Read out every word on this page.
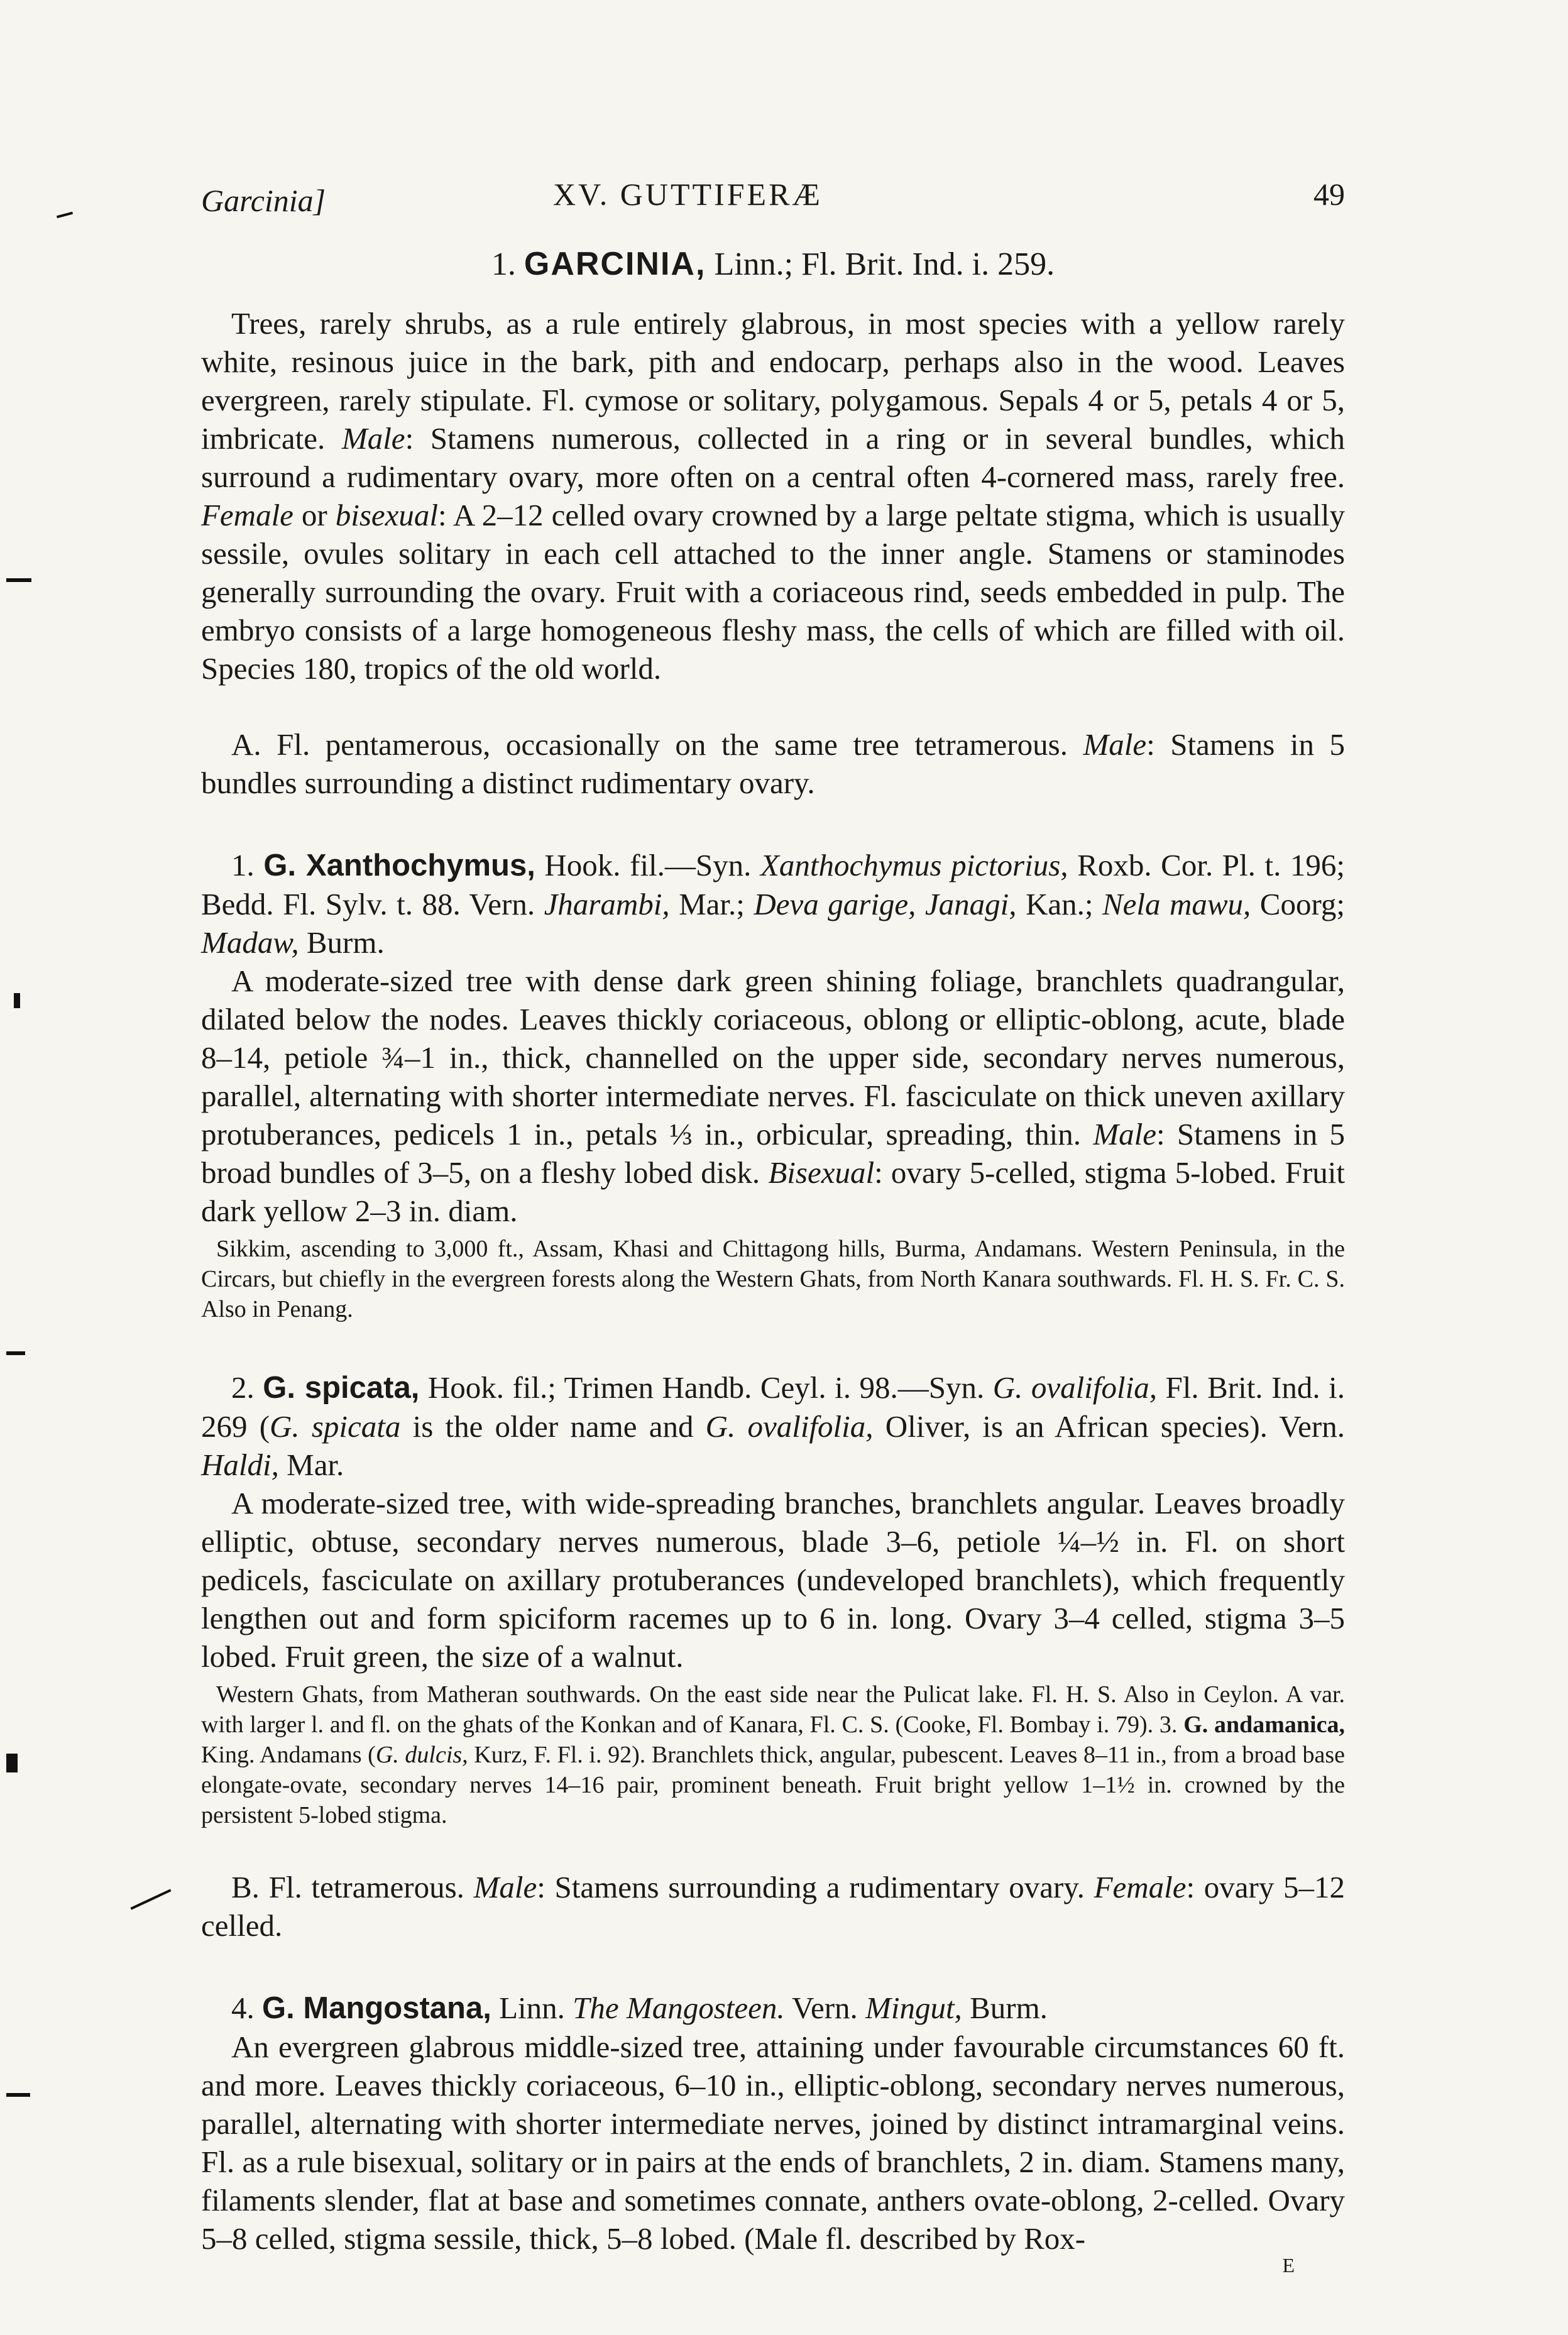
Garcinia]	XV. GUTTIFERÆ	49
1. GARCINIA, Linn.; Fl. Brit. Ind. i. 259.

Trees, rarely shrubs, as a rule entirely glabrous, in most species with a yellow rarely white, resinous juice in the bark, pith and endocarp, perhaps also in the wood. Leaves evergreen, rarely stipulate. Fl. cymose or solitary, polygamous. Sepals 4 or 5, petals 4 or 5, imbricate. Male: Stamens numerous, collected in a ring or in several bundles, which surround a rudimentary ovary, more often on a central often 4-cornered mass, rarely free. Female or bisexual: A 2–12 celled ovary crowned by a large peltate stigma, which is usually sessile, ovules solitary in each cell attached to the inner angle. Stamens or staminodes generally surrounding the ovary. Fruit with a coriaceous rind, seeds embedded in pulp. The embryo consists of a large homogeneous fleshy mass, the cells of which are filled with oil. Species 180, tropics of the old world.

A. Fl. pentamerous, occasionally on the same tree tetramerous. Male: Stamens in 5 bundles surrounding a distinct rudimentary ovary.

1. G. Xanthochymus, Hook. fil.—Syn. Xanthochymus pictorius, Roxb. Cor. Pl. t. 196; Bedd. Fl. Sylv. t. 88. Vern. Jharambi, Mar.; Deva garige, Janagi, Kan.; Nela mawu, Coorg; Madaw, Burm.

A moderate-sized tree with dense dark green shining foliage, branchlets quadrangular, dilated below the nodes. Leaves thickly coriaceous, oblong or elliptic-oblong, acute, blade 8–14, petiole ¾–1 in., thick, channelled on the upper side, secondary nerves numerous, parallel, alternating with shorter intermediate nerves. Fl. fasciculate on thick uneven axillary protuberances, pedicels 1 in., petals ⅓ in., orbicular, spreading, thin. Male: Stamens in 5 broad bundles of 3–5, on a fleshy lobed disk. Bisexual: ovary 5-celled, stigma 5-lobed. Fruit dark yellow 2–3 in. diam.

Sikkim, ascending to 3,000 ft., Assam, Khasi and Chittagong hills, Burma, Andamans. Western Peninsula, in the Circars, but chiefly in the evergreen forests along the Western Ghats, from North Kanara southwards. Fl. H. S. Fr. C. S. Also in Penang.

2. G. spicata, Hook. fil.; Trimen Handb. Ceyl. i. 98.—Syn. G. ovalifolia, Fl. Brit. Ind. i. 269 (G. spicata is the older name and G. ovalifolia, Oliver, is an African species). Vern. Haldi, Mar.

A moderate-sized tree, with wide-spreading branches, branchlets angular. Leaves broadly elliptic, obtuse, secondary nerves numerous, blade 3–6, petiole ¼–½ in. Fl. on short pedicels, fasciculate on axillary protuberances (undeveloped branchlets), which frequently lengthen out and form spiciform racemes up to 6 in. long. Ovary 3–4 celled, stigma 3–5 lobed. Fruit green, the size of a walnut.

Western Ghats, from Matheran southwards. On the east side near the Pulicat lake. Fl. H. S. Also in Ceylon. A var. with larger l. and fl. on the ghats of the Konkan and of Kanara, Fl. C. S. (Cooke, Fl. Bombay i. 79). 3. G. andamanica, King. Andamans (G. dulcis, Kurz, F. Fl. i. 92). Branchlets thick, angular, pubescent. Leaves 8–11 in., from a broad base elongate-ovate, secondary nerves 14–16 pair, prominent beneath. Fruit bright yellow 1–1½ in. crowned by the persistent 5-lobed stigma.

B. Fl. tetramerous. Male: Stamens surrounding a rudimentary ovary. Female: ovary 5–12 celled.

4. G. Mangostana, Linn. The Mangosteen. Vern. Mingut, Burm.

An evergreen glabrous middle-sized tree, attaining under favourable circumstances 60 ft. and more. Leaves thickly coriaceous, 6–10 in., elliptic-oblong, secondary nerves numerous, parallel, alternating with shorter intermediate nerves, joined by distinct intramarginal veins. Fl. as a rule bisexual, solitary or in pairs at the ends of branchlets, 2 in. diam. Stamens many, filaments slender, flat at base and sometimes connate, anthers ovate-oblong, 2-celled. Ovary 5–8 celled, stigma sessile, thick, 5–8 lobed. (Male fl. described by Rox-

E
